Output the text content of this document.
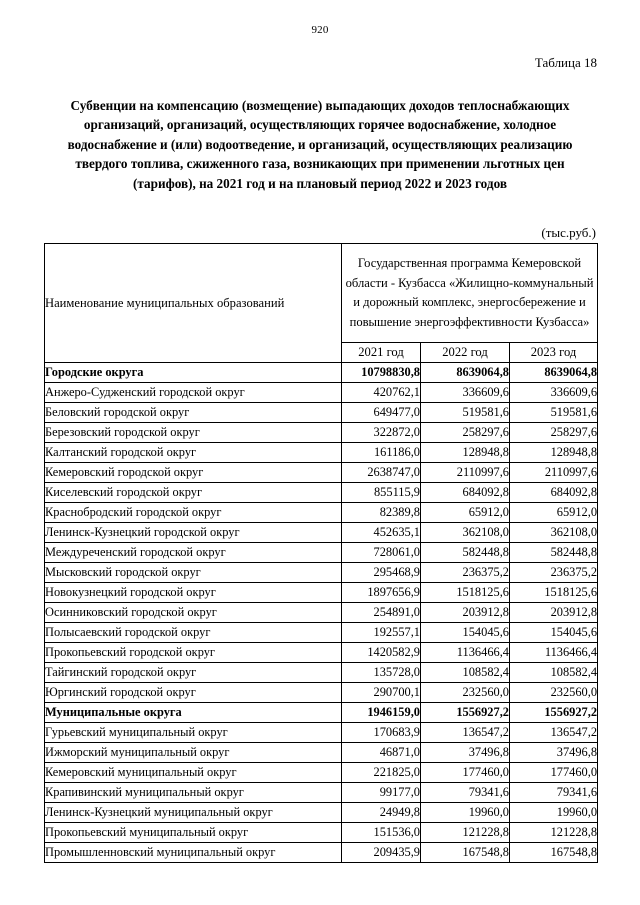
920
Таблица 18
Субвенции на компенсацию (возмещение) выпадающих доходов теплоснабжающих
организаций, организаций, осуществляющих горячее водоснабжение, холодное
водоснабжение и (или) водоотведение, и организаций, осуществляющих реализацию
твердого топлива, сжиженного газа, возникающих при применении льготных цен
(тарифов), на 2021 год и на плановый период 2022 и 2023 годов
(тыс.руб.)
Наименование муниципальных образований	Государственная программа Кемеровской области - Кузбасса «Жилищно-коммунальный и дорожный комплекс, энергосбережение и повышение энергоэффективности Кузбасса»		
	2021 год	2022 год	2023 год
Городские округа	10798830,8	8639064,8	8639064,8
Анжеро-Судженский городской округ	420762,1	336609,6	336609,6
Беловский городской округ	649477,0	519581,6	519581,6
Березовский городской округ	322872,0	258297,6	258297,6
Калтанский городской округ	161186,0	128948,8	128948,8
Кемеровский городской округ	2638747,0	2110997,6	2110997,6
Киселевский городской округ	855115,9	684092,8	684092,8
Краснобродский городской округ	82389,8	65912,0	65912,0
Ленинск-Кузнецкий городской округ	452635,1	362108,0	362108,0
Междуреченский городской округ	728061,0	582448,8	582448,8
Мысковский городской округ	295468,9	236375,2	236375,2
Новокузнецкий городской округ	1897656,9	1518125,6	1518125,6
Осинниковский городской округ	254891,0	203912,8	203912,8
Полысаевский городской округ	192557,1	154045,6	154045,6
Прокопьевский городской округ	1420582,9	1136466,4	1136466,4
Тайгинский городской округ	135728,0	108582,4	108582,4
Юргинский городской округ	290700,1	232560,0	232560,0
Муниципальные округа	1946159,0	1556927,2	1556927,2
Гурьевский муниципальный округ	170683,9	136547,2	136547,2
Ижморский муниципальный округ	46871,0	37496,8	37496,8
Кемеровский муниципальный округ	221825,0	177460,0	177460,0
Крапивинский муниципальный округ	99177,0	79341,6	79341,6
Ленинск-Кузнецкий муниципальный округ	24949,8	19960,0	19960,0
Прокопьевский муниципальный округ	151536,0	121228,8	121228,8
Промышленновский муниципальный округ	209435,9	167548,8	167548,8
